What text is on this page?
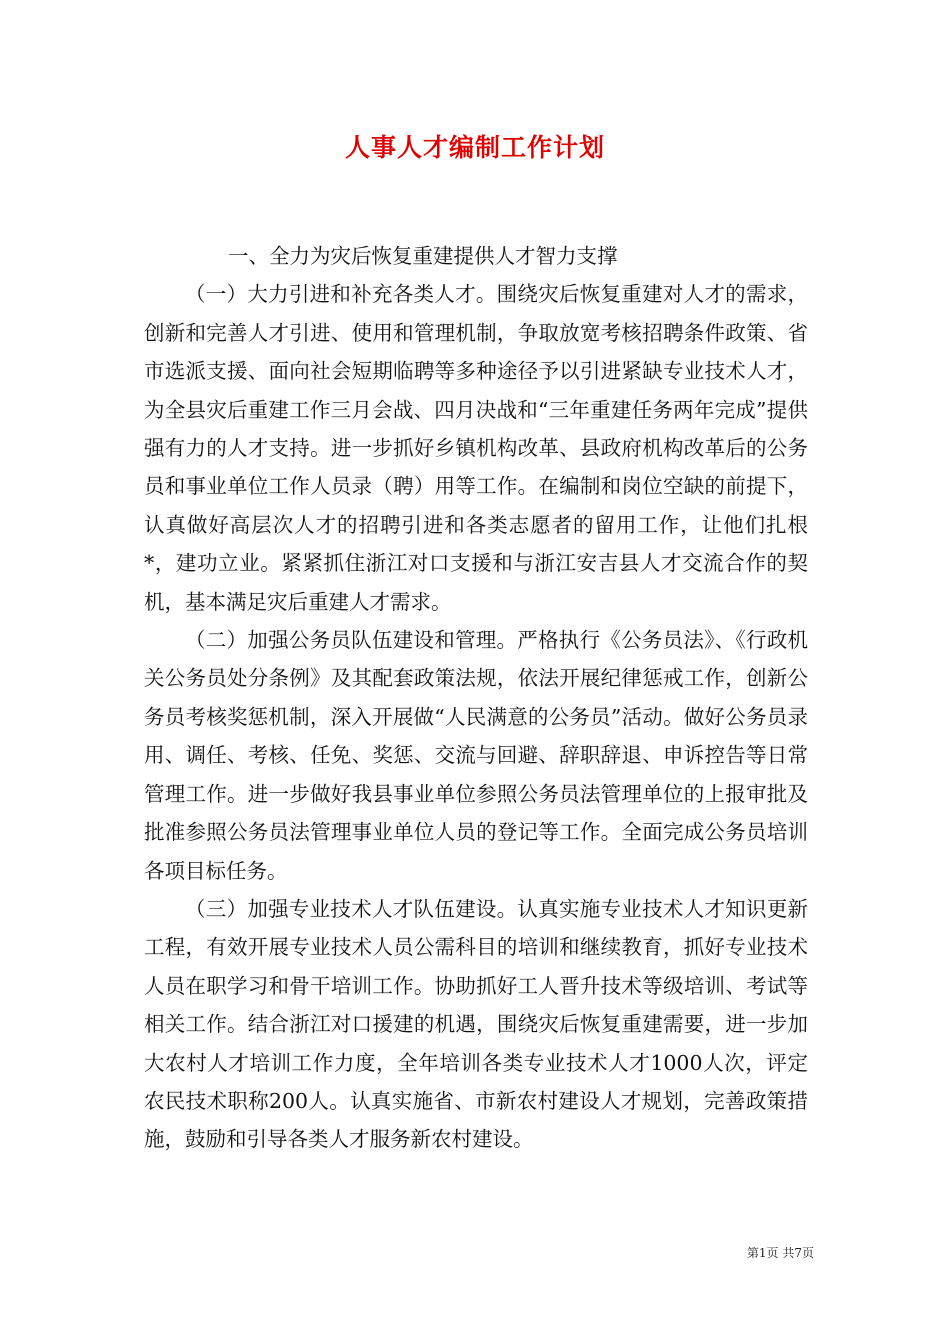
人事人才编制工作计划

一、全力为灾后恢复重建提供人才智力支撑

（一）大力引进和补充各类人才。围绕灾后恢复重建对人才的需求，创新和完善人才引进、使用和管理机制，争取放宽考核招聘条件政策、省市选派支援、面向社会短期临聘等多种途径予以引进紧缺专业技术人才，为全县灾后重建工作三月会战、四月决战和“三年重建任务两年完成”提供强有力的人才支持。进一步抓好乡镇机构改革、县政府机构改革后的公务员和事业单位工作人员录（聘）用等工作。在编制和岗位空缺的前提下，认真做好高层次人才的招聘引进和各类志愿者的留用工作，让他们扎根*，建功立业。紧紧抓住浙江对口支援和与浙江安吉县人才交流合作的契机，基本满足灾后重建人才需求。

（二）加强公务员队伍建设和管理。严格执行《公务员法》、《行政机关公务员处分条例》及其配套政策法规，依法开展纪律惩戒工作，创新公务员考核奖惩机制，深入开展做“人民满意的公务员”活动。做好公务员录用、调任、考核、任免、奖惩、交流与回避、辞职辞退、申诉控告等日常管理工作。进一步做好我县事业单位参照公务员法管理单位的上报审批及批准参照公务员法管理事业单位人员的登记等工作。全面完成公务员培训各项目标任务。

（三）加强专业技术人才队伍建设。认真实施专业技术人才知识更新工程，有效开展专业技术人员公需科目的培训和继续教育，抓好专业技术人员在职学习和骨干培训工作。协助抓好工人晋升技术等级培训、考试等相关工作。结合浙江对口援建的机遇，围绕灾后恢复重建需要，进一步加大农村人才培训工作力度，全年培训各类专业技术人才1000人次，评定农民技术职称200人。认真实施省、市新农村建设人才规划，完善政策措施，鼓励和引导各类人才服务新农村建设。

第1页 共7页
